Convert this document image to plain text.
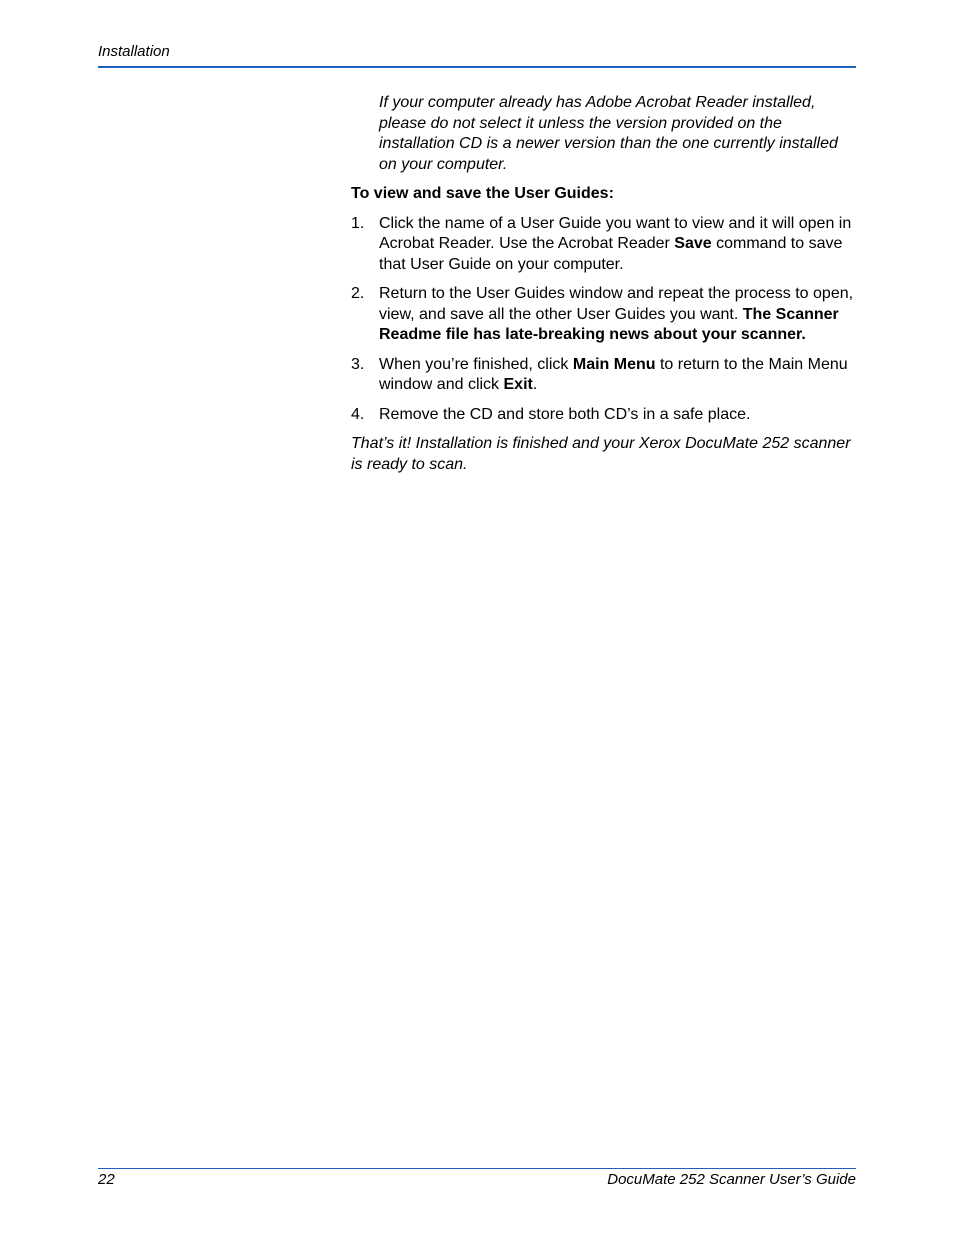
Installation

If your computer already has Adobe Acrobat Reader installed, please do not select it unless the version provided on the installation CD is a newer version than the one currently installed on your computer.

To view and save the User Guides:

1. Click the name of a User Guide you want to view and it will open in Acrobat Reader. Use the Acrobat Reader Save command to save that User Guide on your computer.
2. Return to the User Guides window and repeat the process to open, view, and save all the other User Guides you want. The Scanner Readme file has late-breaking news about your scanner.
3. When you’re finished, click Main Menu to return to the Main Menu window and click Exit.
4. Remove the CD and store both CD’s in a safe place.

That’s it! Installation is finished and your Xerox DocuMate 252 scanner is ready to scan.

22	DocuMate 252 Scanner User’s Guide
